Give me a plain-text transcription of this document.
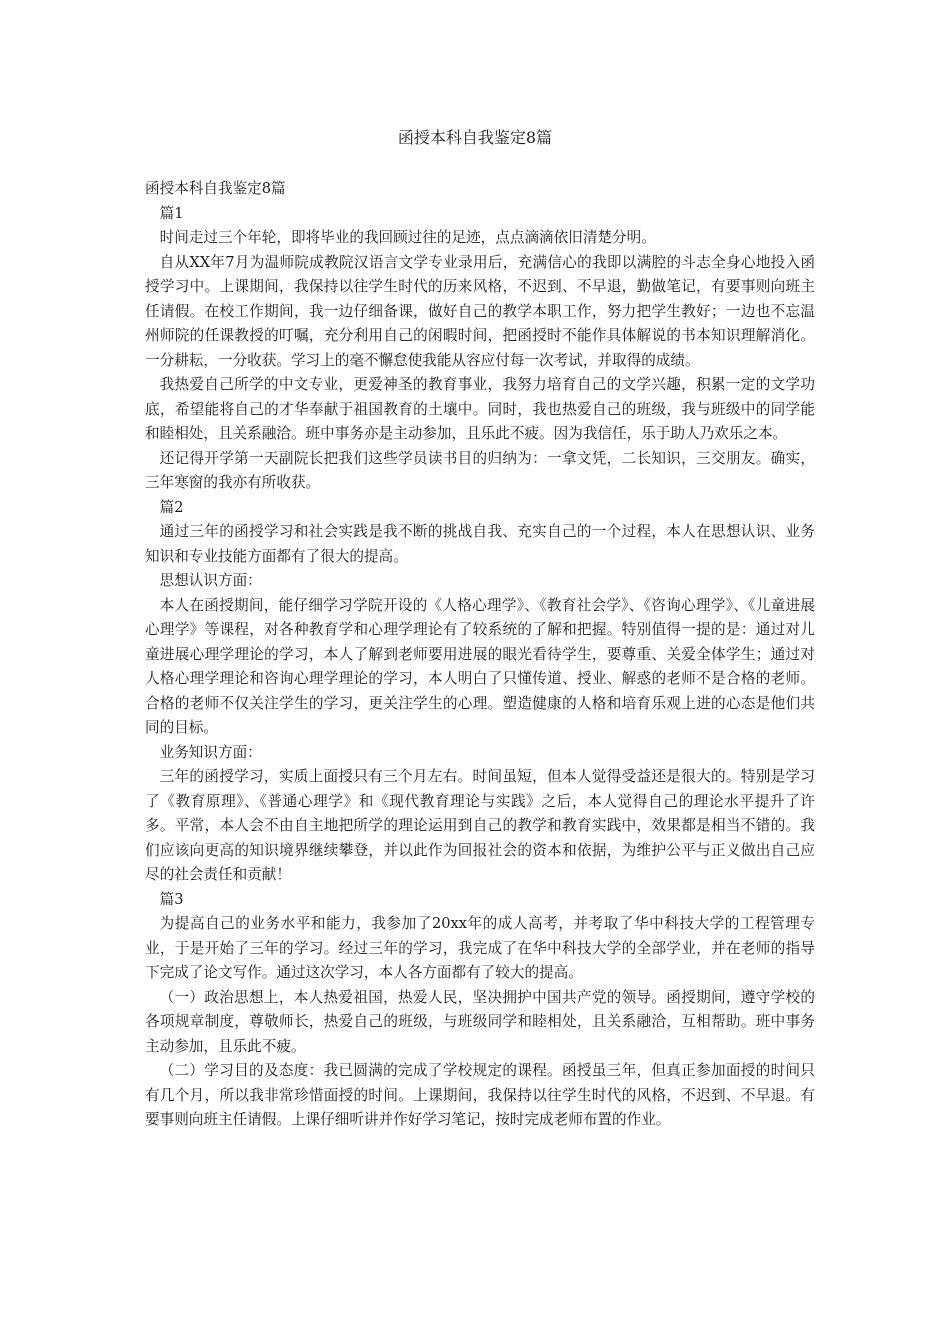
函授本科自我鉴定8篇

函授本科自我鉴定8篇

篇1

时间走过三个年轮，即将毕业的我回顾过往的足迹，点点滴滴依旧清楚分明。

自从XX年7月为温师院成教院汉语言文学专业录用后，充满信心的我即以满腔的斗志全身心地投入函授学习中。上课期间，我保持以往学生时代的历来风格，不迟到、不早退，勤做笔记，有要事则向班主任请假。在校工作期间，我一边仔细备课，做好自己的教学本职工作，努力把学生教好；一边也不忘温州师院的任课教授的叮嘱，充分利用自己的闲暇时间，把函授时不能作具体解说的书本知识理解消化。一分耕耘，一分收获。学习上的毫不懈怠使我能从容应付每一次考试，并取得的成绩。

我热爱自己所学的中文专业，更爱神圣的教育事业，我努力培育自己的文学兴趣，积累一定的文学功底，希望能将自己的才华奉献于祖国教育的土壤中。同时，我也热爱自己的班级，我与班级中的同学能和睦相处，且关系融洽。班中事务亦是主动参加，且乐此不疲。因为我信任，乐于助人乃欢乐之本。

还记得开学第一天副院长把我们这些学员读书目的归纳为：一拿文凭，二长知识，三交朋友。确实，三年寒窗的我亦有所收获。

篇2

通过三年的函授学习和社会实践是我不断的挑战自我、充实自己的一个过程，本人在思想认识、业务知识和专业技能方面都有了很大的提高。

思想认识方面：

本人在函授期间，能仔细学习学院开设的《人格心理学》、《教育社会学》、《咨询心理学》、《儿童进展心理学》等课程，对各种教育学和心理学理论有了较系统的了解和把握。特别值得一提的是：通过对儿童进展心理学理论的学习，本人了解到老师要用进展的眼光看待学生，要尊重、关爱全体学生；通过对人格心理学理论和咨询心理学理论的学习，本人明白了只懂传道、授业、解惑的老师不是合格的老师。合格的老师不仅关注学生的学习，更关注学生的心理。塑造健康的人格和培育乐观上进的心态是他们共同的目标。

业务知识方面：

三年的函授学习，实质上面授只有三个月左右。时间虽短，但本人觉得受益还是很大的。特别是学习了《教育原理》、《普通心理学》和《现代教育理论与实践》之后，本人觉得自己的理论水平提升了许多。平常，本人会不由自主地把所学的理论运用到自己的教学和教育实践中，效果都是相当不错的。我们应该向更高的知识境界继续攀登，并以此作为回报社会的资本和依据，为维护公平与正义做出自己应尽的社会责任和贡献！

篇3

为提高自己的业务水平和能力，我参加了20xx年的成人高考，并考取了华中科技大学的工程管理专业，于是开始了三年的学习。经过三年的学习，我完成了在华中科技大学的全部学业，并在老师的指导下完成了论文写作。通过这次学习，本人各方面都有了较大的提高。

（一）政治思想上，本人热爱祖国，热爱人民，坚决拥护中国共产党的领导。函授期间，遵守学校的各项规章制度，尊敬师长，热爱自己的班级，与班级同学和睦相处，且关系融洽，互相帮助。班中事务主动参加，且乐此不疲。

（二）学习目的及态度：我已圆满的完成了学校规定的课程。函授虽三年，但真正参加面授的时间只有几个月，所以我非常珍惜面授的时间。上课期间，我保持以往学生时代的风格，不迟到、不早退。有要事则向班主任请假。上课仔细听讲并作好学习笔记，按时完成老师布置的作业。
